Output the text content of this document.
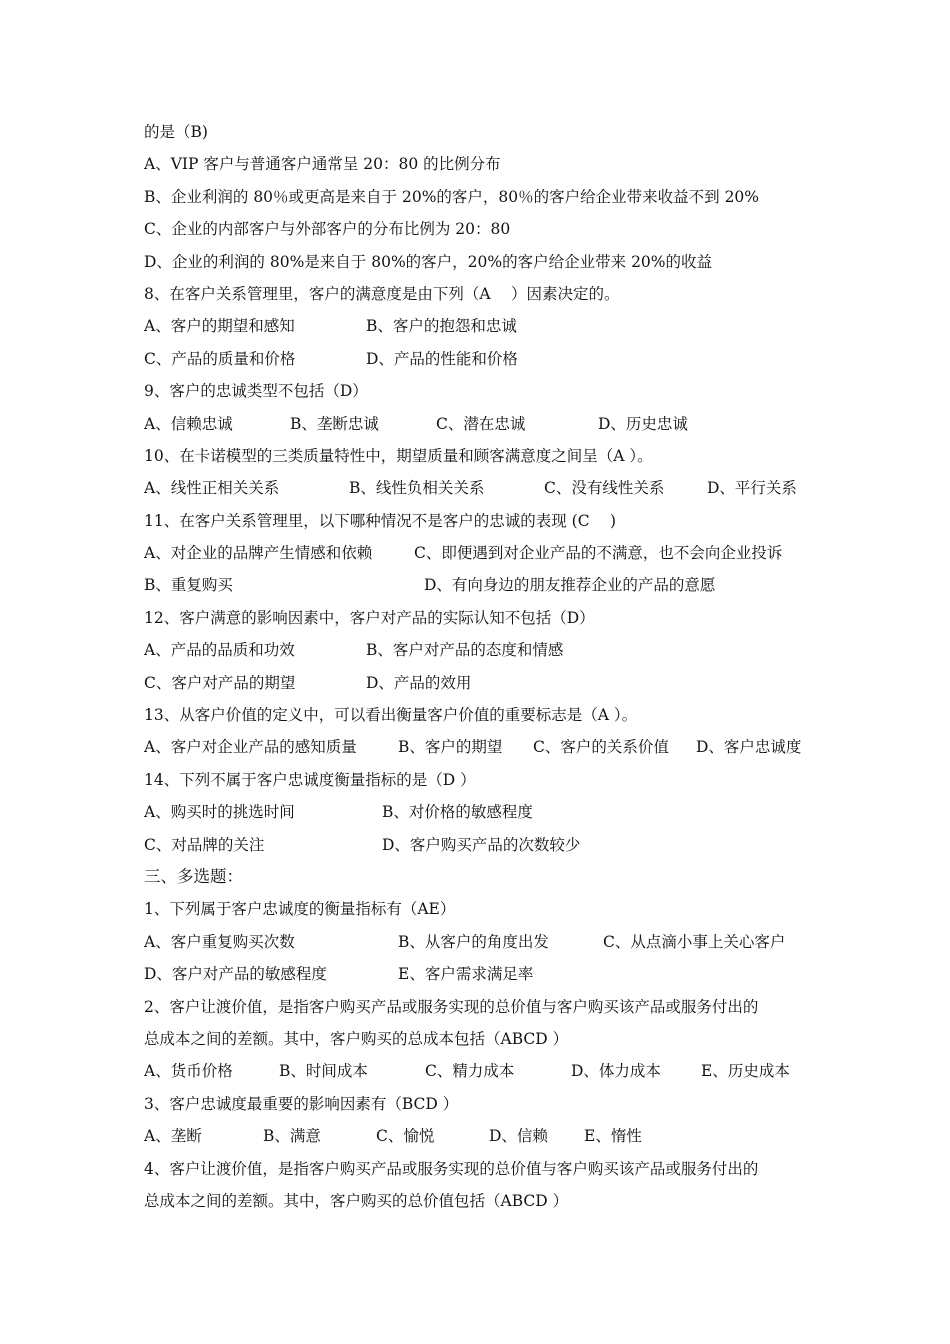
的是（B)
A、VIP 客户与普通客户通常呈 20：80 的比例分布
B、企业利润的 80％或更高是来自于 20%的客户，80％的客户给企业带来收益不到 20%
C、企业的内部客户与外部客户的分布比例为 20：80
D、企业的利润的 80%是来自于 80%的客户，20%的客户给企业带来 20%的收益
8、在客户关系管理里，客户的满意度是由下列（A　 ）因素决定的。
A、客户的期望和感知	B、客户的抱怨和忠诚
C、产品的质量和价格	D、产品的性能和价格
9、客户的忠诚类型不包括（D）
A、信赖忠诚	B、垄断忠诚	C、潜在忠诚	D、历史忠诚
10、在卡诺模型的三类质量特性中，期望质量和顾客满意度之间呈（A ）。
A、线性正相关关系	B、线性负相关关系	C、没有线性关系	D、平行关系
11、在客户关系管理里，以下哪种情况不是客户的忠诚的表现 (C　 )
A、对企业的品牌产生情感和依赖	C、即便遇到对企业产品的不满意，也不会向企业投诉
B、重复购买	D、有向身边的朋友推荐企业的产品的意愿
12、客户满意的影响因素中，客户对产品的实际认知不包括（D）
A、产品的品质和功效	B、客户对产品的态度和情感
C、客户对产品的期望	D、产品的效用
13、从客户价值的定义中，可以看出衡量客户价值的重要标志是（A ）。
A、客户对企业产品的感知质量	B、客户的期望 C、客户的关系价值 D、客户忠诚度
14、下列不属于客户忠诚度衡量指标的是（D ）
A、购买时的挑选时间	B、对价格的敏感程度
C、对品牌的关注	D、客户购买产品的次数较少
三、多选题：
1、下列属于客户忠诚度的衡量指标有（AE）
A、客户重复购买次数	B、从客户的角度出发	C、从点滴小事上关心客户
D、客户对产品的敏感程度	E、客户需求满足率
2、客户让渡价值，是指客户购买产品或服务实现的总价值与客户购买该产品或服务付出的
总成本之间的差额。其中，客户购买的总成本包括（ABCD ）
A、货币价格	B、时间成本	C、精力成本	D、体力成本	E、历史成本
3、客户忠诚度最重要的影响因素有（BCD ）
A、垄断	B、满意	C、愉悦	D、信赖 E、惰性
4、客户让渡价值，是指客户购买产品或服务实现的总价值与客户购买该产品或服务付出的
总成本之间的差额。其中，客户购买的总价值包括（ABCD ）
